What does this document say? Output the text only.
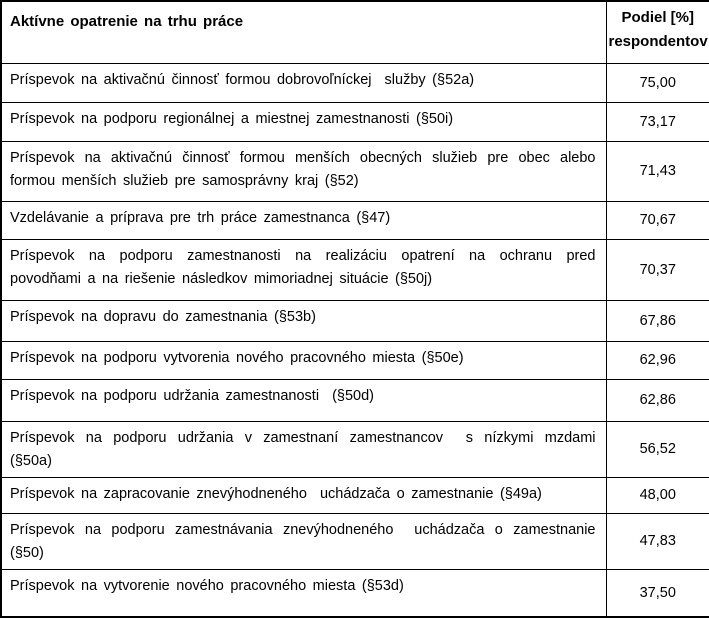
Aktívne opatrenie na trhu práce	Podiel [%]
respondentov

Príspevok na aktivačnú činnosť formou dobrovoľníckej  služby (§52a)	75,00
Príspevok na podporu regionálnej a miestnej zamestnanosti (§50i)	73,17
Príspevok na aktivačnú činnosť formou menších obecných služieb pre obec alebo formou menších služieb pre samosprávny kraj (§52)	71,43
Vzdelávanie a príprava pre trh práce zamestnanca (§47)	70,67
Príspevok na podporu zamestnanosti na realizáciu opatrení na ochranu pred povodňami a na riešenie následkov mimoriadnej situácie (§50j)	70,37
Príspevok na dopravu do zamestnania (§53b)	67,86
Príspevok na podporu vytvorenia nového pracovného miesta (§50e)	62,96
Príspevok na podporu udržania zamestnanosti  (§50d)	62,86
Príspevok na podporu udržania v zamestnaní zamestnancov  s nízkymi mzdami (§50a)	56,52
Príspevok na zapracovanie znevýhodneného  uchádzača o zamestnanie (§49a)	48,00
Príspevok na podporu zamestnávania znevýhodneného  uchádzača o zamestnanie (§50)	47,83
Príspevok na vytvorenie nového pracovného miesta (§53d)	37,50
